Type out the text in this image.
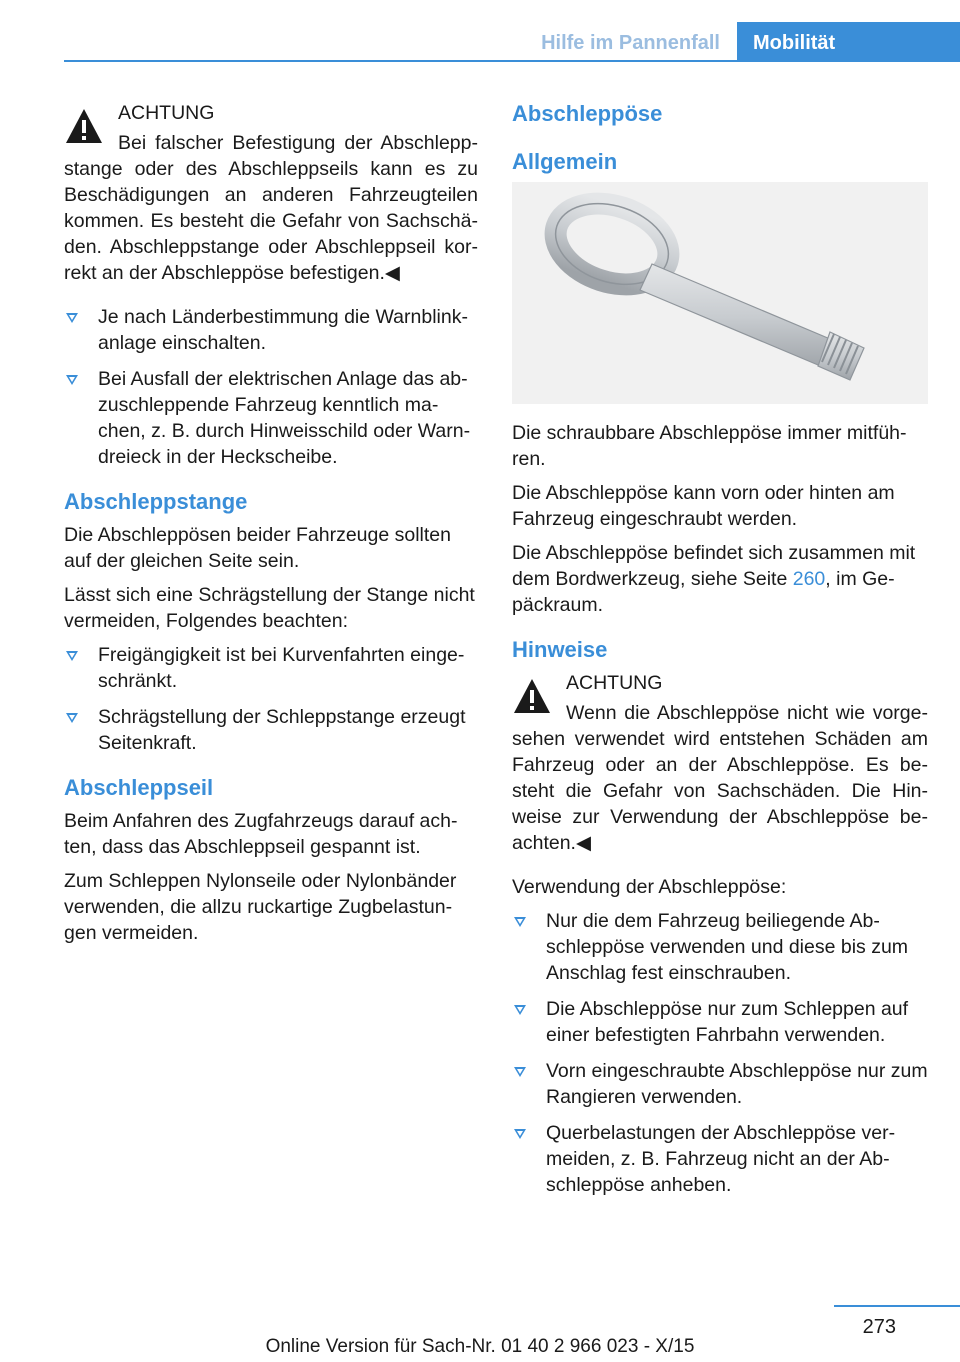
Hilfe im Pannenfall	Mobilität

ACHTUNG

Bei falscher Befestigung der Abschleppstange oder des Abschleppseils kann es zu Beschädigungen an anderen Fahrzeugteilen kommen. Es besteht die Gefahr von Sachschäden. Abschleppstange oder Abschleppseil korrekt an der Abschleppöse befestigen.◀

Je nach Länderbestimmung die Warnblinkanlage einschalten.
Bei Ausfall der elektrischen Anlage das abzuschleppende Fahrzeug kenntlich machen, z. B. durch Hinweisschild oder Warndreieck in der Heckscheibe.
Abschleppstange

Die Abschleppösen beider Fahrzeuge sollten auf der gleichen Seite sein.

Lässt sich eine Schrägstellung der Stange nicht vermeiden, Folgendes beachten:

Freigängigkeit ist bei Kurvenfahrten eingeschränkt.
Schrägstellung der Schleppstange erzeugt Seitenkraft.
Abschleppseil

Beim Anfahren des Zugfahrzeugs darauf achten, dass das Abschleppseil gespannt ist.

Zum Schleppen Nylonseile oder Nylonbänder verwenden, die allzu ruckartige Zugbelastungen vermeiden.

Abschleppöse
Allgemein

Die schraubbare Abschleppöse immer mitführen.

Die Abschleppöse kann vorn oder hinten am Fahrzeug eingeschraubt werden.

Die Abschleppöse befindet sich zusammen mit dem Bordwerkzeug, siehe Seite 260, im Gepäckraum.

Hinweise

ACHTUNG

Wenn die Abschleppöse nicht wie vorgesehen verwendet wird entstehen Schäden am Fahrzeug oder an der Abschleppöse. Es besteht die Gefahr von Sachschäden. Die Hinweise zur Verwendung der Abschleppöse beachten.◀

Verwendung der Abschleppöse:

Nur die dem Fahrzeug beiliegende Abschleppöse verwenden und diese bis zum Anschlag fest einschrauben.
Die Abschleppöse nur zum Schleppen auf einer befestigten Fahrbahn verwenden.
Vorn eingeschraubte Abschleppöse nur zum Rangieren verwenden.
Querbelastungen der Abschleppöse vermeiden, z. B. Fahrzeug nicht an der Abschleppöse anheben.
273
Online Version für Sach-Nr. 01 40 2 966 023 - X/15
